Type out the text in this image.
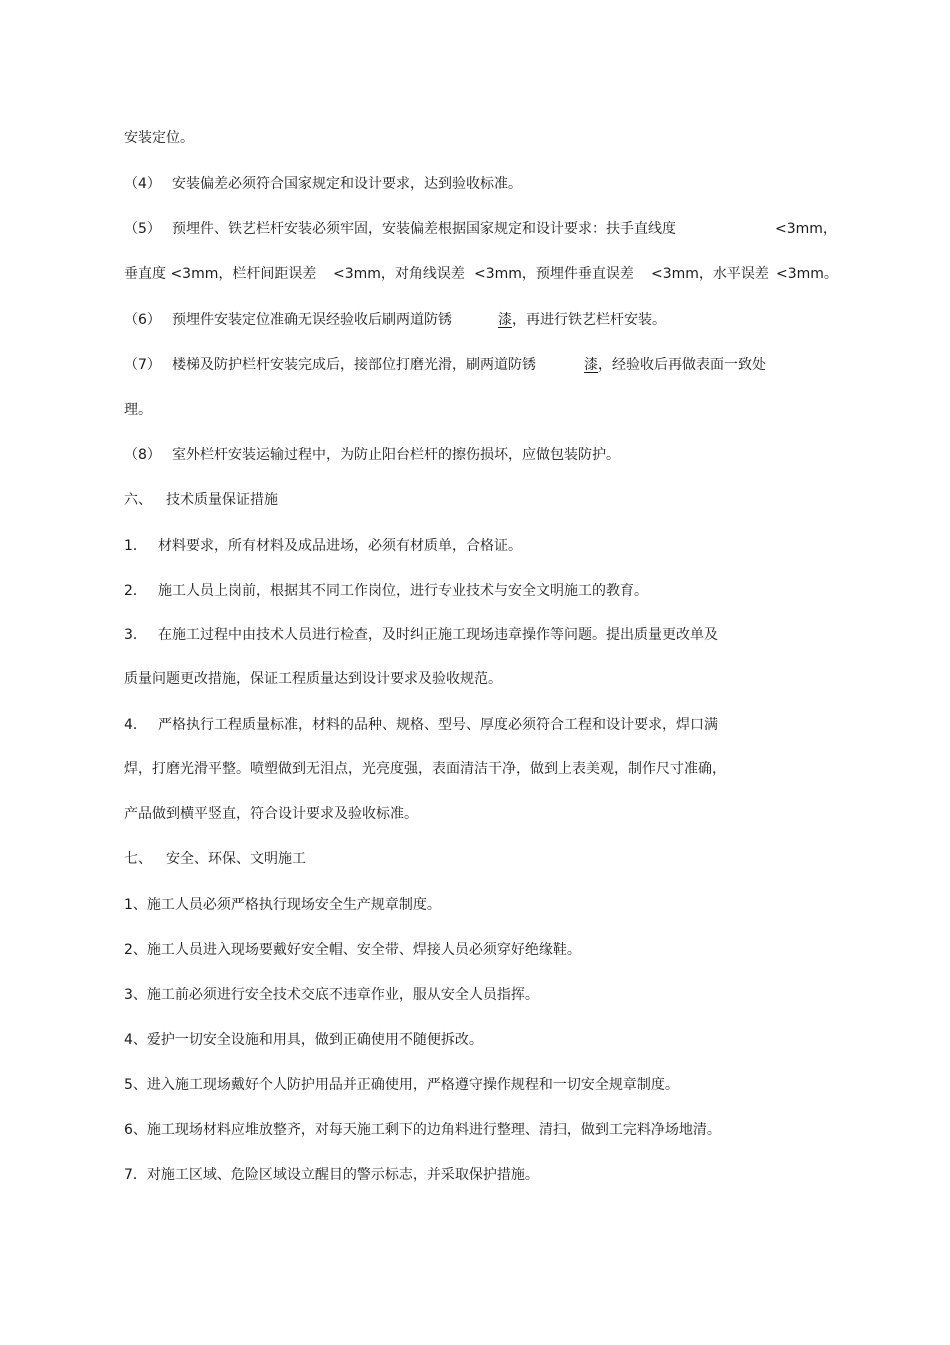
安装定位。
（4） 安装偏差必须符合国家规定和设计要求，达到验收标准。
（5） 预埋件、铁艺栏杆安装必须牢固，安装偏差根据国家规定和设计要求：扶手直线度	<3mm，
垂直度 <3mm，栏杆间距误差 <3mm，对角线误差 <3mm，预埋件垂直误差 <3mm，水平误差 <3mm。
（6） 预埋件安装定位准确无误经验收后刷两道防锈	漆，再进行铁艺栏杆安装。
（7） 楼梯及防护栏杆安装完成后，接部位打磨光滑，刷两道防锈	漆，经验收后再做表面一致处
理。
（8） 室外栏杆安装运输过程中，为防止阳台栏杆的擦伤损坏，应做包装防护。
六、 技术质量保证措施
1． 材料要求，所有材料及成品进场，必须有材质单，合格证。
2． 施工人员上岗前，根据其不同工作岗位，进行专业技术与安全文明施工的教育。
3． 在施工过程中由技术人员进行检查，及时纠正施工现场违章操作等问题。提出质量更改单及
质量问题更改措施，保证工程质量达到设计要求及验收规范。
4． 严格执行工程质量标准，材料的品种、规格、型号、厚度必须符合工程和设计要求，焊口满
焊，打磨光滑平整。喷塑做到无泪点，光亮度强，表面清洁干净，做到上表美观，制作尺寸准确，
产品做到横平竖直，符合设计要求及验收标准。
七、 安全、环保、文明施工
1、施工人员必须严格执行现场安全生产规章制度。
2、施工人员进入现场要戴好安全帽、安全带、焊接人员必须穿好绝缘鞋。
3、施工前必须进行安全技术交底不违章作业，服从安全人员指挥。
4、爱护一切安全设施和用具，做到正确使用不随便拆改。
5、进入施工现场戴好个人防护用品并正确使用，严格遵守操作规程和一切安全规章制度。
6、施工现场材料应堆放整齐，对每天施工剩下的边角料进行整理、清扫，做到工完料净场地清。
7．对施工区域、危险区域设立醒目的警示标志，并采取保护措施。
